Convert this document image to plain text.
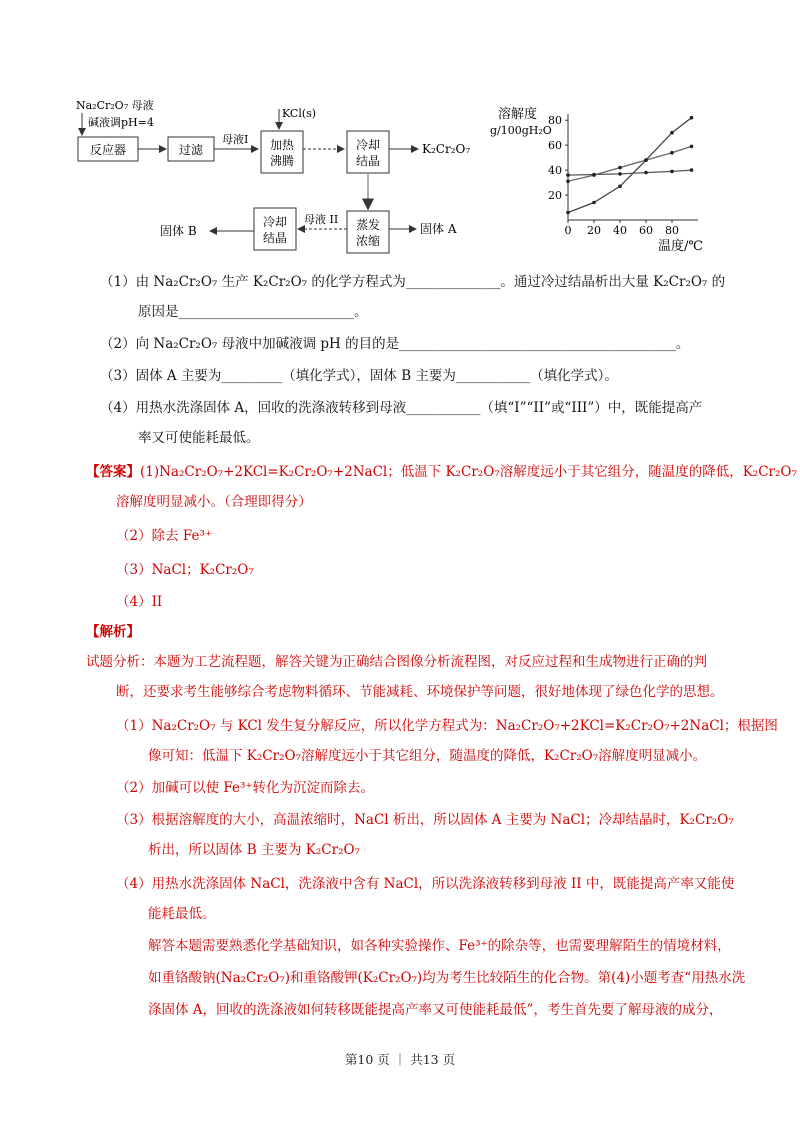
Na₂Cr₂O₇ 母液
碱液调pH=4
反应器	过滤
母液I
KCl(s)
加热
沸腾
冷却
结晶
K₂Cr₂O₇
蒸发
浓缩
固体 A
母液 II
冷却
结晶
固体 B
溶解度
g/100gH₂O
温度/℃
0 20 40 60 80
20
40
60
80
（1）由 Na₂Cr₂O₇ 生产 K₂Cr₂O₇ 的化学方程式为______________。通过冷过结晶析出大量 K₂Cr₂O₇ 的
原因是__________________________。
（2）向 Na₂Cr₂O₇ 母液中加碱液调 pH 的目的是_________________________________________。
（3）固体 A 主要为_________（填化学式），固体 B 主要为___________（填化学式）。
（4）用热水洗涤固体 A，回收的洗涤液转移到母液___________（填“I”“II”或“III”）中，既能提高产
率又可使能耗最低。
【答案】(1)Na₂Cr₂O₇+2KCl=K₂Cr₂O₇+2NaCl；低温下 K₂Cr₂O₇溶解度远小于其它组分，随温度的降低，K₂Cr₂O₇
溶解度明显减小。（合理即得分）
（2）除去 Fe³⁺
（3）NaCl；K₂Cr₂O₇
（4）II
【解析】
试题分析：本题为工艺流程题，解答关键为正确结合图像分析流程图，对反应过程和生成物进行正确的判
断，还要求考生能够综合考虑物料循环、节能减耗、环境保护等问题，很好地体现了绿色化学的思想。
（1）Na₂Cr₂O₇ 与 KCl 发生复分解反应，所以化学方程式为：Na₂Cr₂O₇+2KCl=K₂Cr₂O₇+2NaCl；根据图
像可知：低温下 K₂Cr₂O₇溶解度远小于其它组分，随温度的降低，K₂Cr₂O₇溶解度明显减小。
（2）加碱可以使 Fe³⁺转化为沉淀而除去。
（3）根据溶解度的大小，高温浓缩时，NaCl 析出，所以固体 A 主要为 NaCl；冷却结晶时，K₂Cr₂O₇
析出，所以固体 B 主要为 K₂Cr₂O₇
（4）用热水洗涤固体 NaCl，洗涤液中含有 NaCl，所以洗涤液转移到母液 II 中，既能提高产率又能使
能耗最低。
解答本题需要熟悉化学基础知识，如各种实验操作、Fe³⁺的除杂等，也需要理解陌生的情境材料，
如重铬酸钠(Na₂Cr₂O₇)和重铬酸钾(K₂Cr₂O₇)均为考生比较陌生的化合物。第(4)小题考查“用热水洗
涤固体 A，回收的洗涤液如何转移既能提高产率又可使能耗最低”，考生首先要了解母液的成分，
第10 页 ｜ 共13 页
